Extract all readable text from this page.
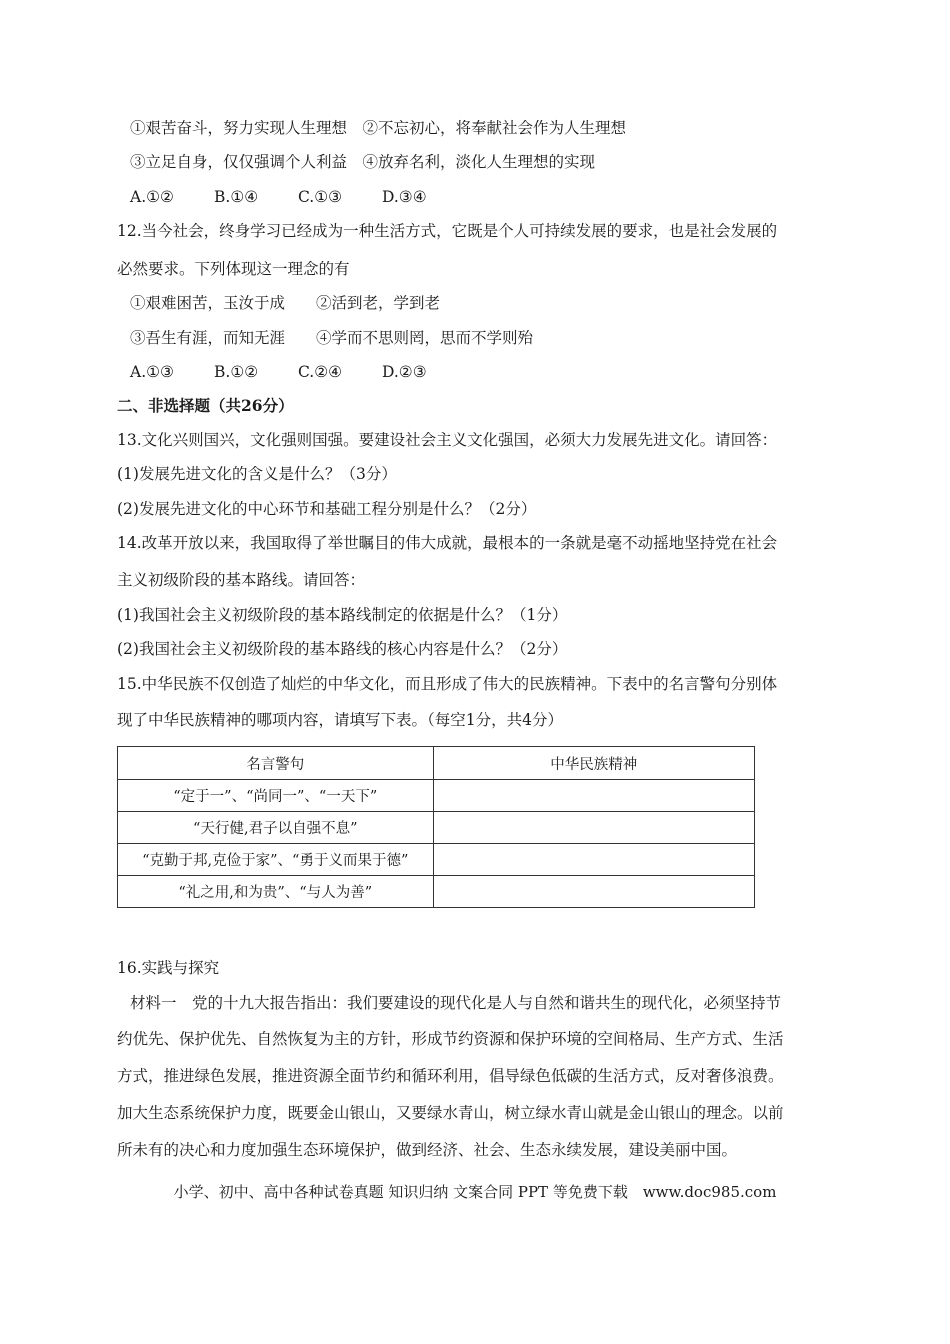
①艰苦奋斗，努力实现人生理想　②不忘初心，将奉献社会作为人生理想
③立足自身，仅仅强调个人利益　④放弃名利，淡化人生理想的实现
A.①②	B.①④	C.①③	D.③④
12.当今社会，终身学习已经成为一种生活方式，它既是个人可持续发展的要求，也是社会发展的
必然要求。下列体现这一理念的有
①艰难困苦，玉汝于成　　②活到老，学到老
③吾生有涯，而知无涯　　④学而不思则罔，思而不学则殆
A.①③	B.①②	C.②④	D.②③
二、非选择题（共26分）
13.文化兴则国兴，文化强则国强。要建设社会主义文化强国，必须大力发展先进文化。请回答：
(1)发展先进文化的含义是什么？（3分）
(2)发展先进文化的中心环节和基础工程分别是什么？（2分）
14.改革开放以来，我国取得了举世瞩目的伟大成就，最根本的一条就是毫不动摇地坚持党在社会
主义初级阶段的基本路线。请回答：
(1)我国社会主义初级阶段的基本路线制定的依据是什么？（1分）
(2)我国社会主义初级阶段的基本路线的核心内容是什么？（2分）
15.中华民族不仅创造了灿烂的中华文化，而且形成了伟大的民族精神。下表中的名言警句分别体
现了中华民族精神的哪项内容，请填写下表。（每空1分，共4分）
名言警句	中华民族精神
“定于一”、“尚同一”、“一天下”	
“天行健,君子以自强不息”	
“克勤于邦,克俭于家”、“勇于义而果于德”	
“礼之用,和为贵”、“与人为善”	
16.实践与探究
材料一　党的十九大报告指出：我们要建设的现代化是人与自然和谐共生的现代化，必须坚持节
约优先、保护优先、自然恢复为主的方针，形成节约资源和保护环境的空间格局、生产方式、生活
方式，推进绿色发展，推进资源全面节约和循环利用，倡导绿色低碳的生活方式，反对奢侈浪费。
加大生态系统保护力度，既要金山银山，又要绿水青山，树立绿水青山就是金山银山的理念。以前
所未有的决心和力度加强生态环境保护，做到经济、社会、生态永续发展，建设美丽中国。
小学、初中、高中各种试卷真题 知识归纳 文案合同 PPT 等免费下载　www.doc985.com
